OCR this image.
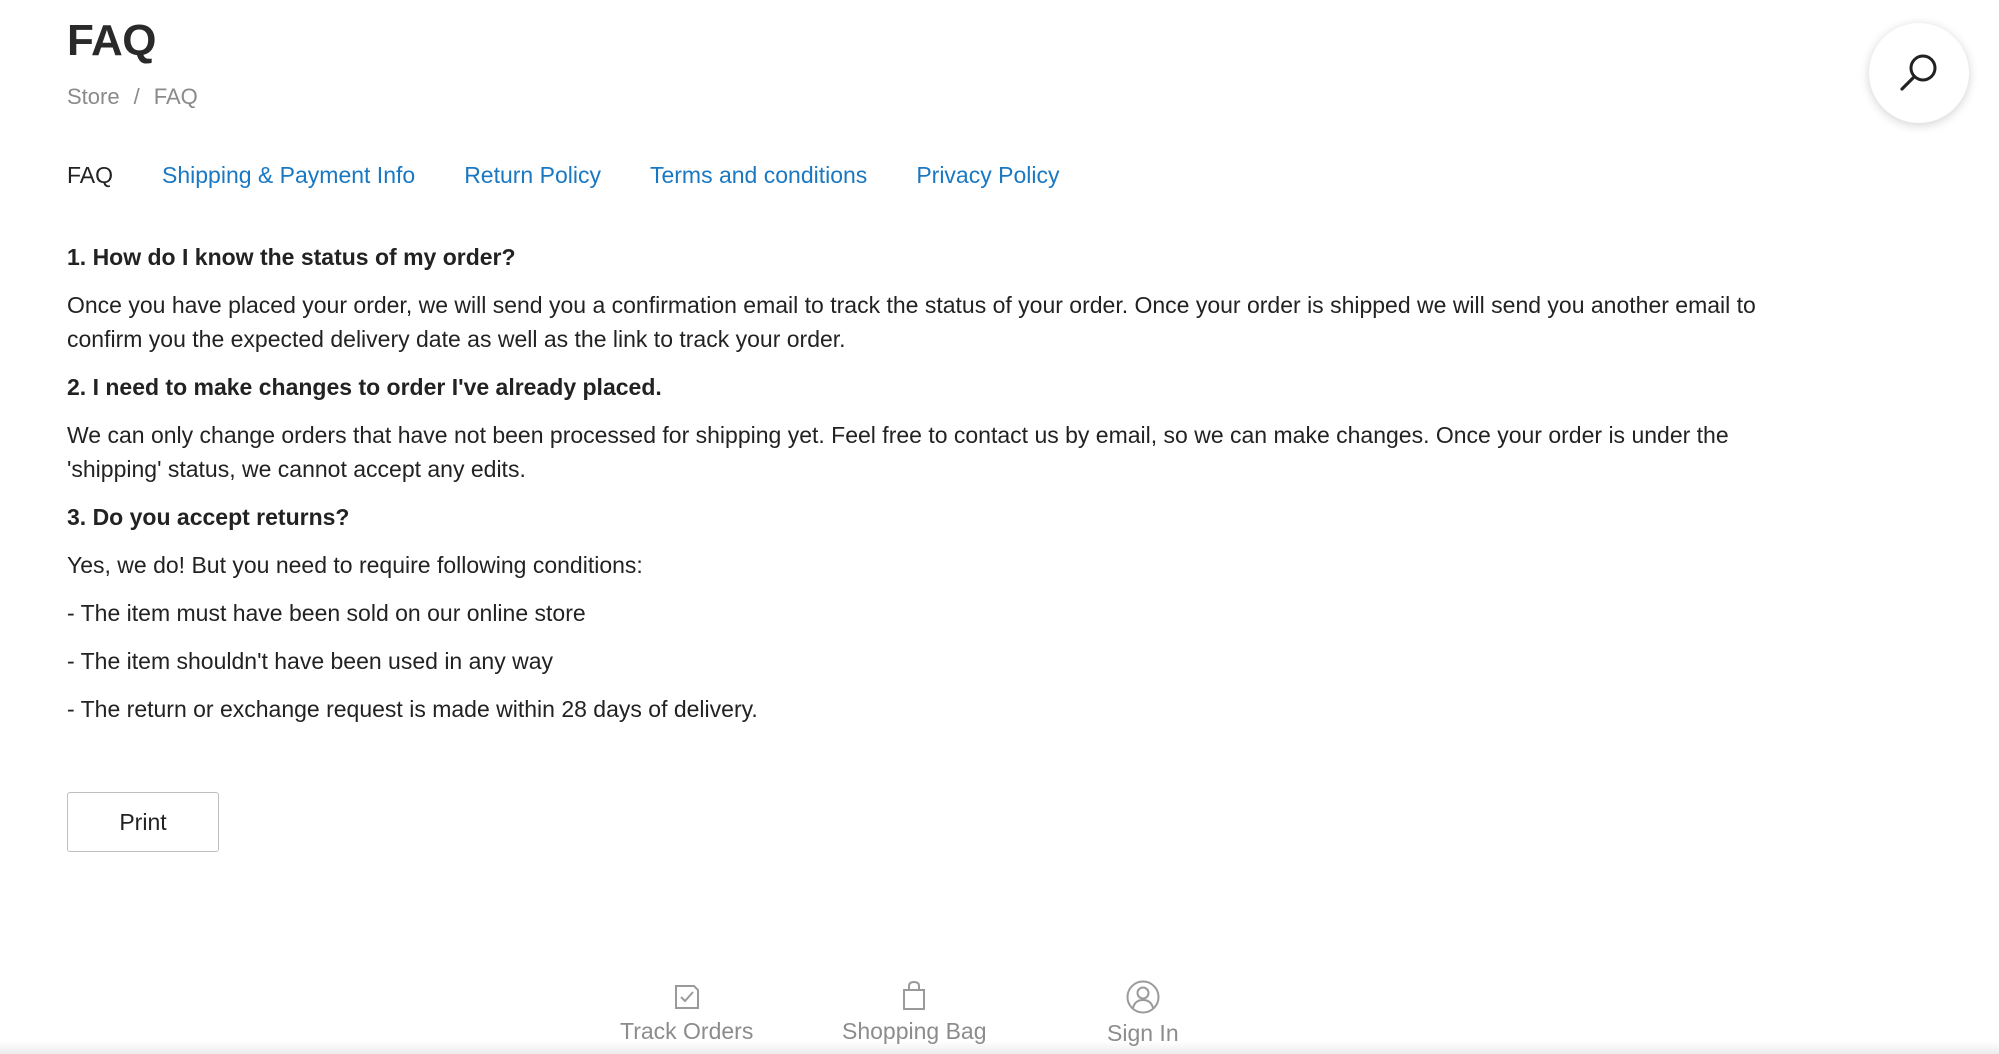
FAQ
Store / FAQ
FAQ Shipping & Payment Info Return Policy Terms and conditions Privacy Policy

1. How do I know the status of my order?

Once you have placed your order, we will send you a confirmation email to track the status of your order. Once your order is shipped we will send you another email to confirm you the expected delivery date as well as the link to track your order.

2. I need to make changes to order I've already placed.

We can only change orders that have not been processed for shipping yet. Feel free to contact us by email, so we can make changes. Once your order is under the 'shipping' status, we cannot accept any edits.

3. Do you accept returns?

Yes, we do! But you need to require following conditions:

- The item must have been sold on our online store

- The item shouldn't have been used in any way

- The return or exchange request is made within 28 days of delivery.

Print
Track Orders	Shopping Bag	Sign In
